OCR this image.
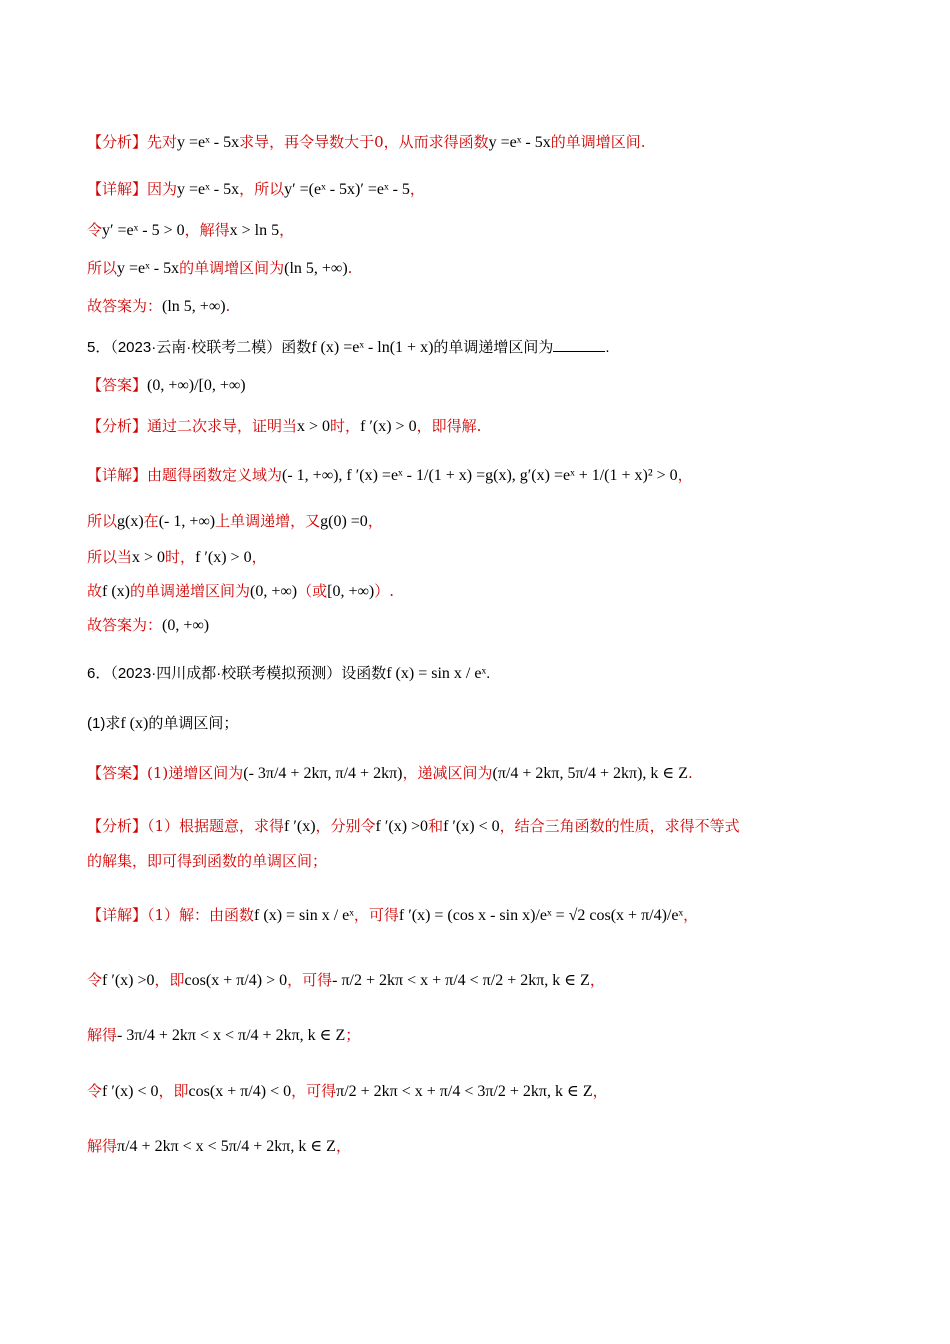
【分析】先对y =eˣ - 5x求导，再令导数大于0，从而求得函数y =eˣ - 5x的单调增区间.
【详解】因为y =eˣ - 5x，所以y′ =(eˣ - 5x)′ =eˣ - 5，
令y′ =eˣ - 5 > 0，解得x > ln 5，
所以y =eˣ - 5x的单调增区间为(ln 5, +∞).
故答案为：(ln 5, +∞).
5．（2023·云南·校联考二模）函数f (x) =eˣ - ln(1 + x)的单调递增区间为	.
【答案】(0, +∞)/[0, +∞)
【分析】通过二次求导，证明当x > 0时，f ′(x) > 0，即得解.
【详解】由题得函数定义域为(- 1, +∞), f ′(x) =eˣ - 1/(1 + x) =g(x), g′(x) =eˣ + 1/(1 + x)² > 0，
所以g(x)在(- 1, +∞)上单调递增，又g(0) =0，
所以当x > 0时，f ′(x) > 0，
故f (x)的单调递增区间为(0, +∞)（或[0, +∞)）.
故答案为：(0, +∞)
6．（2023·四川成都·校联考模拟预测）设函数f (x) = sin x / eˣ.
(1)求f (x)的单调区间；
【答案】(1)递增区间为(- 3π/4 + 2kπ, π/4 + 2kπ)，递减区间为(π/4 + 2kπ, 5π/4 + 2kπ), k ∈ Z.
【分析】（1）根据题意，求得f ′(x)，分别令f ′(x) >0和f ′(x) < 0，结合三角函数的性质，求得不等式
的解集，即可得到函数的单调区间；
【详解】（1）解：由函数f (x) = sin x / eˣ，可得f ′(x) = (cos x - sin x)/eˣ = √2 cos(x + π/4)/eˣ，
令f ′(x) >0，即cos(x + π/4) > 0，可得- π/2 + 2kπ < x + π/4 < π/2 + 2kπ, k ∈ Z，
解得- 3π/4 + 2kπ < x < π/4 + 2kπ, k ∈ Z；
令f ′(x) < 0，即cos(x + π/4) < 0，可得π/2 + 2kπ < x + π/4 < 3π/2 + 2kπ, k ∈ Z，
解得π/4 + 2kπ < x < 5π/4 + 2kπ, k ∈ Z，
